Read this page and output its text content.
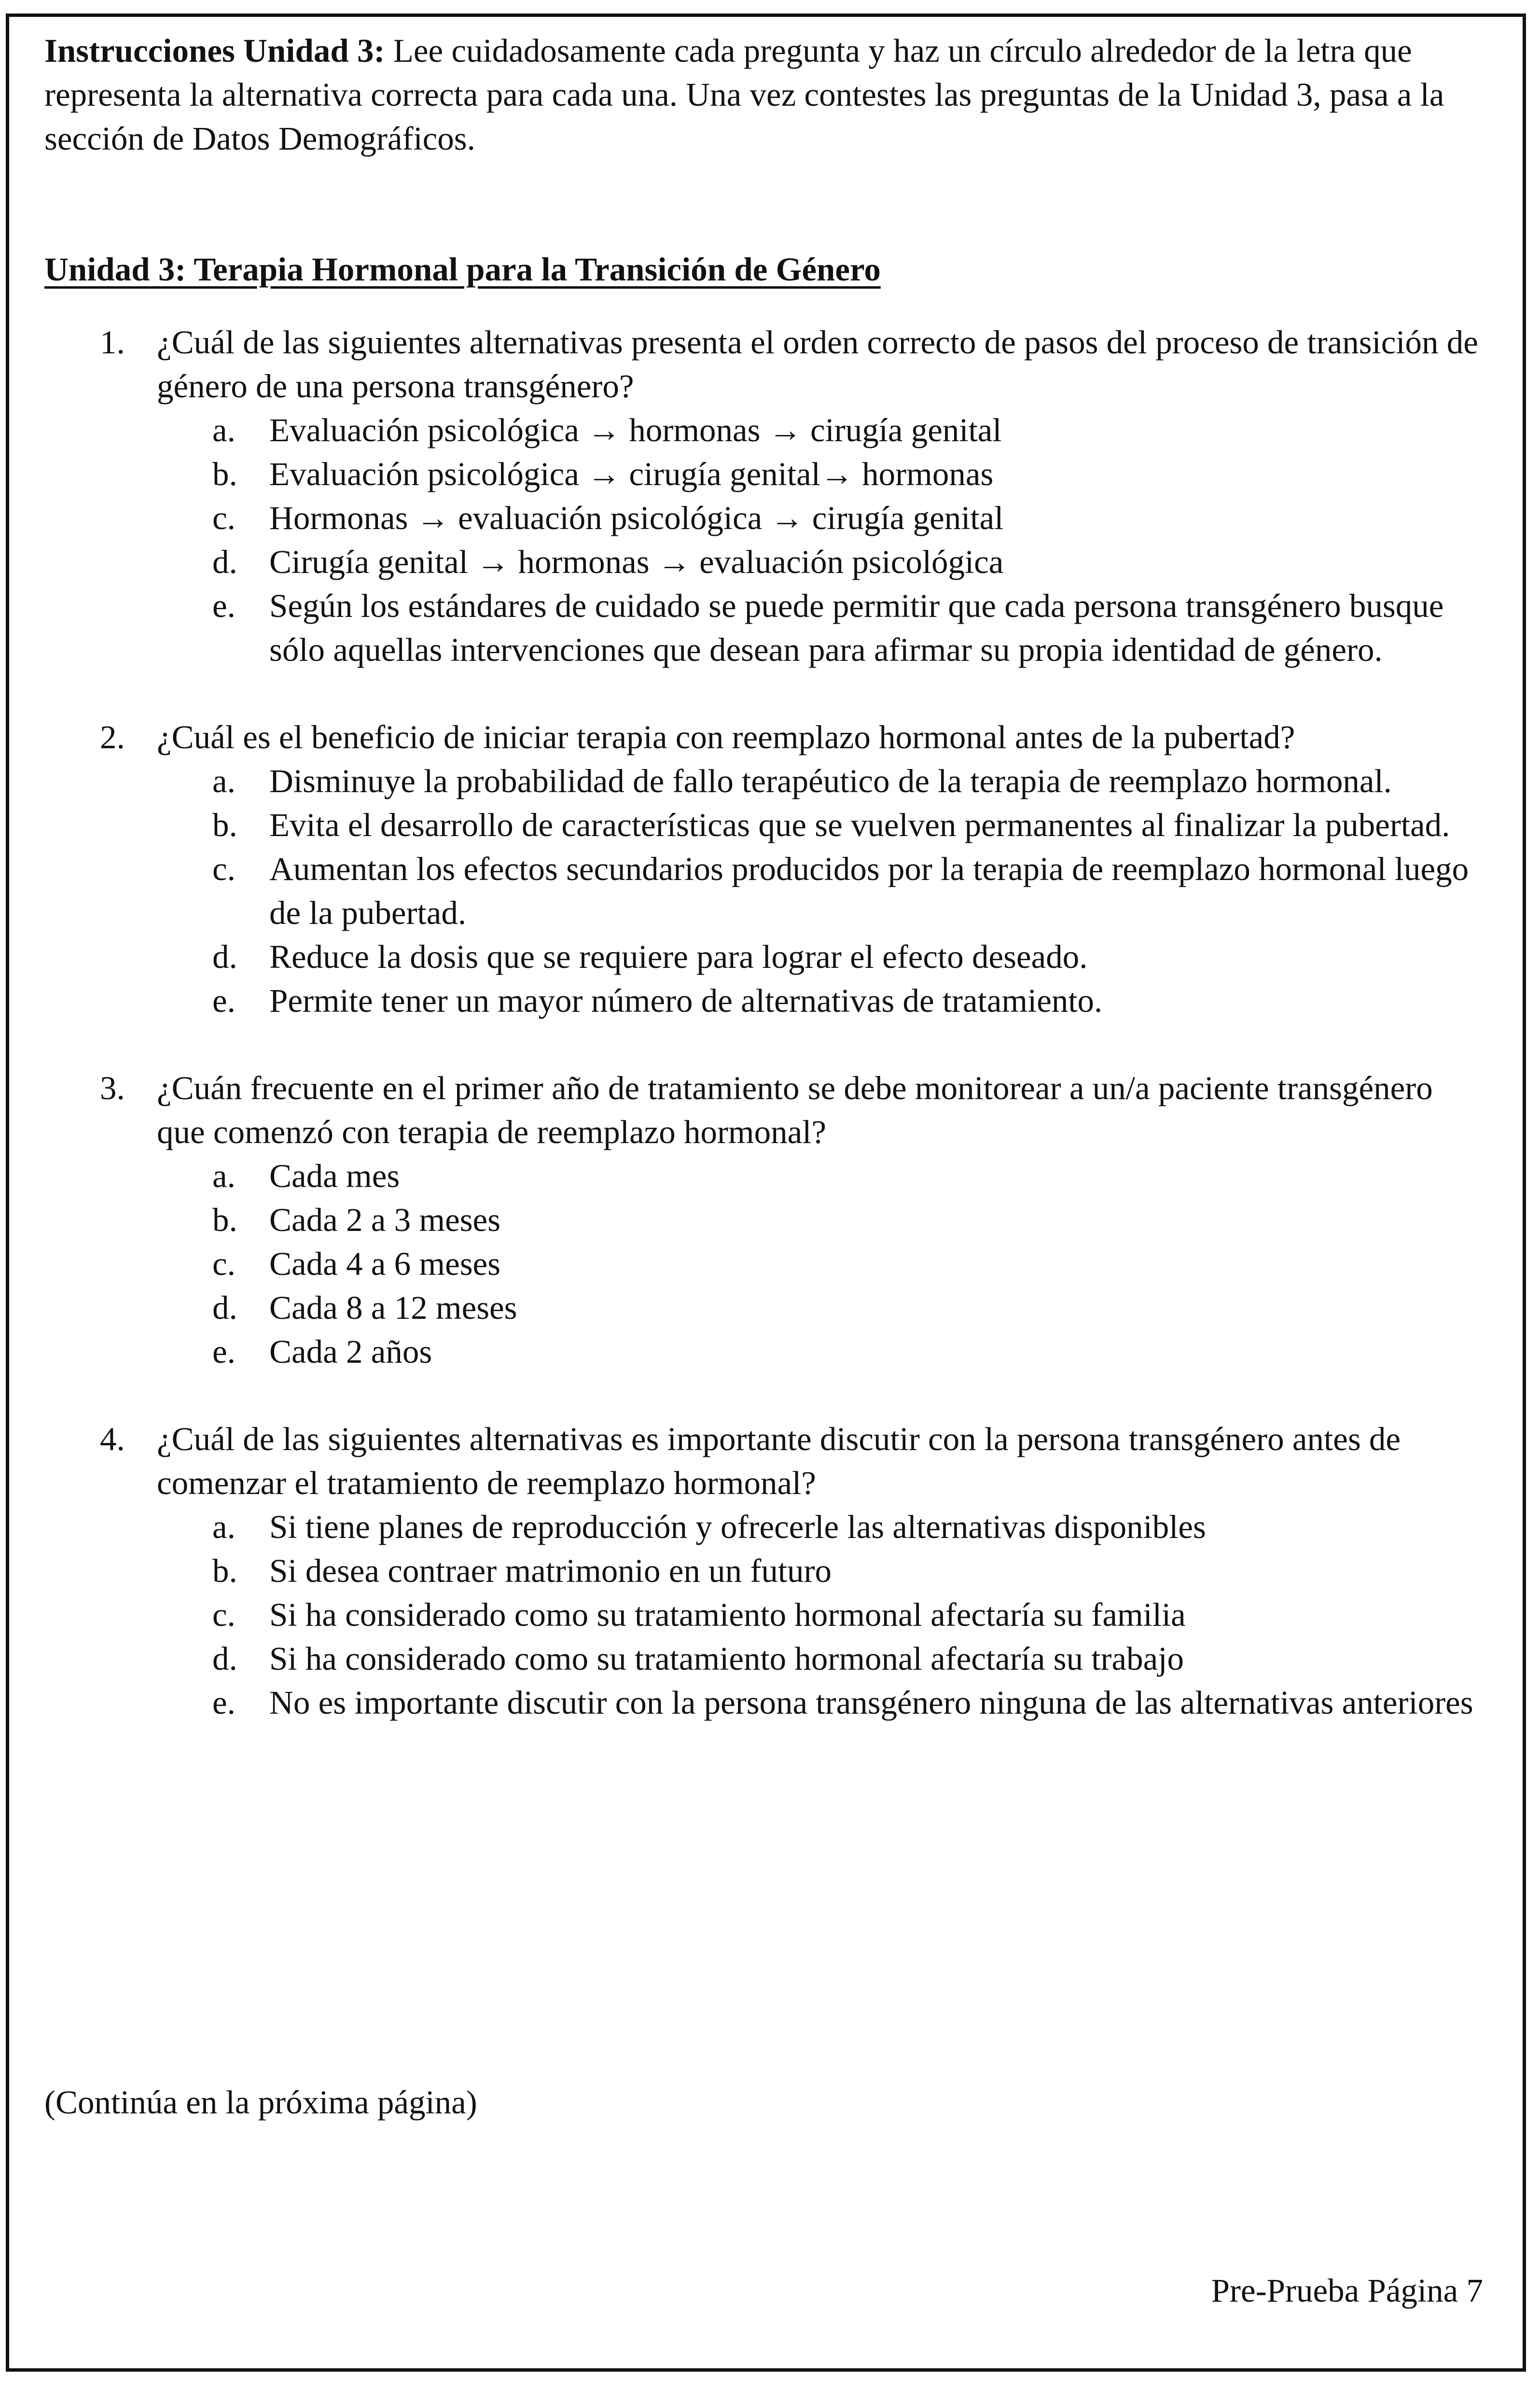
Instrucciones Unidad 3: Lee cuidadosamente cada pregunta y haz un círculo alrededor de la letra que representa la alternativa correcta para cada una. Una vez contestes las preguntas de la Unidad 3, pasa a la sección de Datos Demográficos.

Unidad 3: Terapia Hormonal para la Transición de Género
1. ¿Cuál de las siguientes alternativas presenta el orden correcto de pasos del proceso de transición de género de una persona transgénero?
a. Evaluación psicológica → hormonas → cirugía genital
b. Evaluación psicológica → cirugía genital→ hormonas
c. Hormonas → evaluación psicológica → cirugía genital
d. Cirugía genital → hormonas → evaluación psicológica
e. Según los estándares de cuidado se puede permitir que cada persona transgénero busque sólo aquellas intervenciones que desean para afirmar su propia identidad de género.
2. ¿Cuál es el beneficio de iniciar terapia con reemplazo hormonal antes de la pubertad?
a. Disminuye la probabilidad de fallo terapéutico de la terapia de reemplazo hormonal.
b. Evita el desarrollo de características que se vuelven permanentes al finalizar la pubertad.
c. Aumentan los efectos secundarios producidos por la terapia de reemplazo hormonal luego de la pubertad.
d. Reduce la dosis que se requiere para lograr el efecto deseado.
e. Permite tener un mayor número de alternativas de tratamiento.
3. ¿Cuán frecuente en el primer año de tratamiento se debe monitorear a un/a paciente transgénero que comenzó con terapia de reemplazo hormonal?
a. Cada mes
b. Cada 2 a 3 meses
c. Cada 4 a 6 meses
d. Cada 8 a 12 meses
e. Cada 2 años
4. ¿Cuál de las siguientes alternativas es importante discutir con la persona transgénero antes de comenzar el tratamiento de reemplazo hormonal?
a. Si tiene planes de reproducción y ofrecerle las alternativas disponibles
b. Si desea contraer matrimonio en un futuro
c. Si ha considerado como su tratamiento hormonal afectaría su familia
d. Si ha considerado como su tratamiento hormonal afectaría su trabajo
e. No es importante discutir con la persona transgénero ninguna de las alternativas anteriores
(Continúa en la próxima página)
Pre-Prueba Página 7
